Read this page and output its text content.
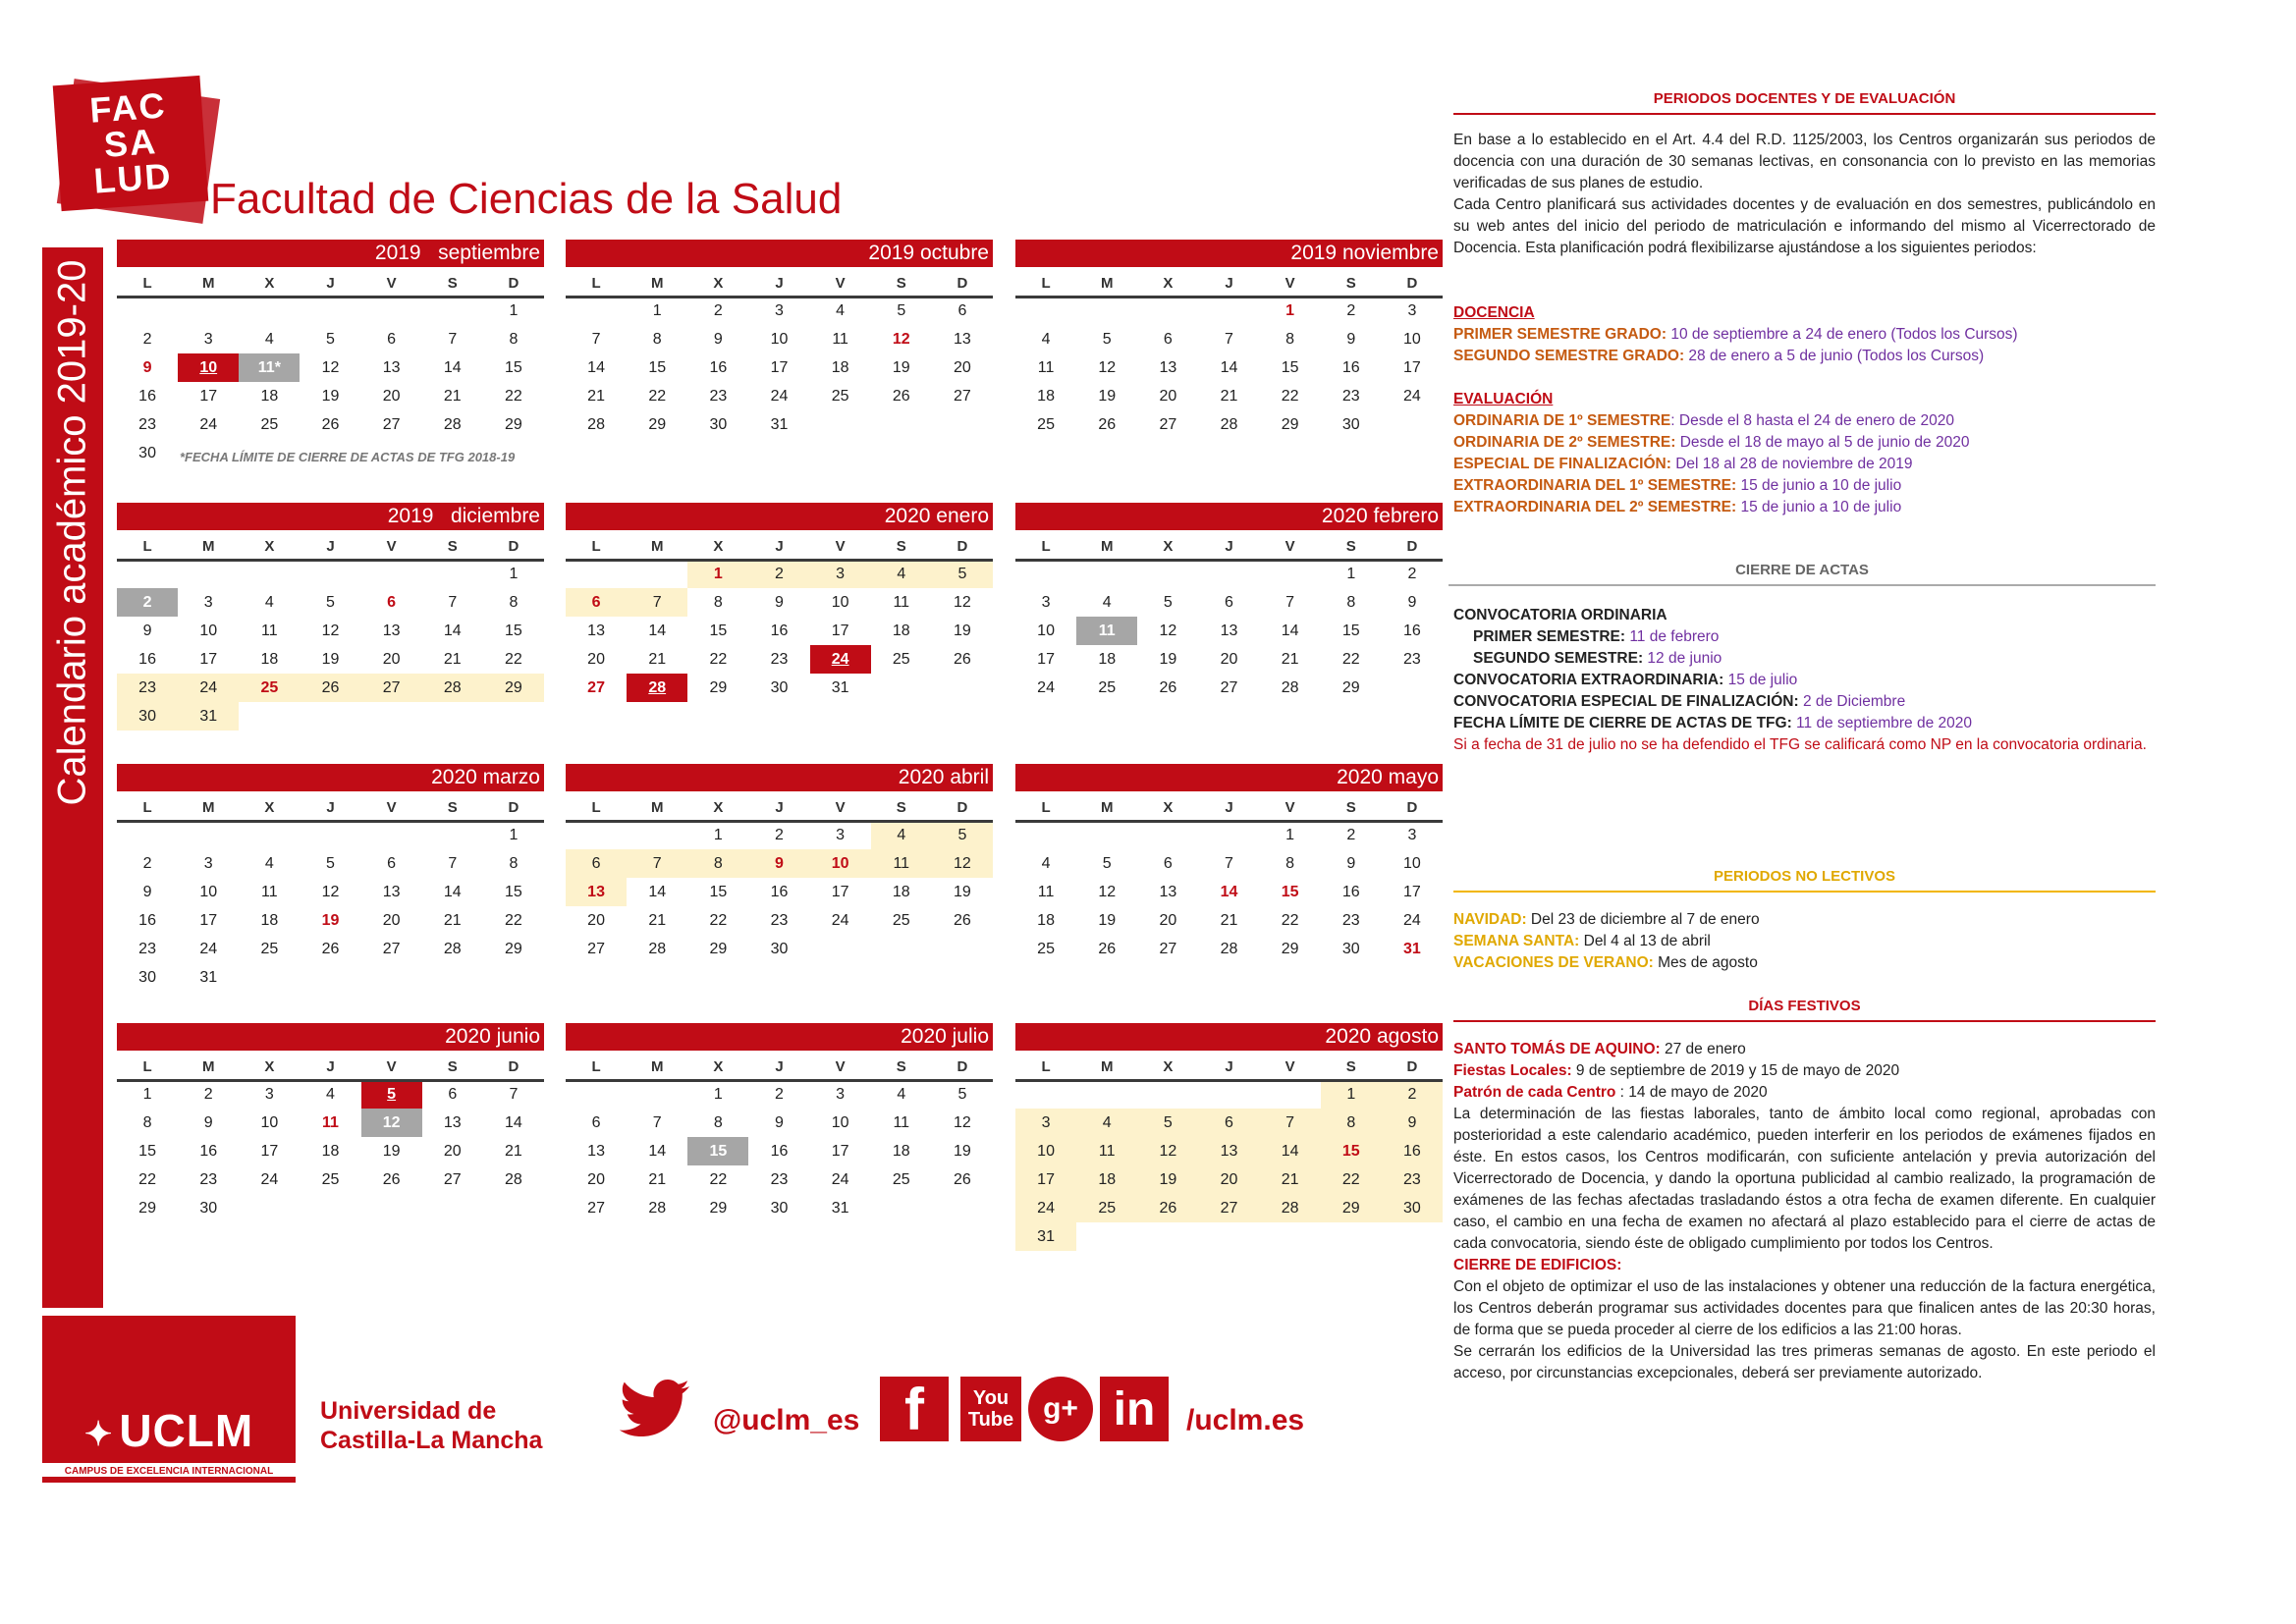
FAC
SA
LUD Facultad de Ciencias de la Salud
Calendario académico 2019-20
2019   septiembre
L	M	X	J	V	S	D
						1
2	3	4	5	6	7	8
9	10	11*	12	13	14	15
16	17	18	19	20	21	22
23	24	25	26	27	28	29
30						
2019 octubre
L	M	X	J	V	S	D
	1	2	3	4	5	6
7	8	9	10	11	12	13
14	15	16	17	18	19	20
21	22	23	24	25	26	27
28	29	30	31			
2019 noviembre
L	M	X	J	V	S	D
				1	2	3
4	5	6	7	8	9	10
11	12	13	14	15	16	17
18	19	20	21	22	23	24
25	26	27	28	29	30	
2019   diciembre
L	M	X	J	V	S	D
						1
2	3	4	5	6	7	8
9	10	11	12	13	14	15
16	17	18	19	20	21	22
23	24	25	26	27	28	29
30	31					
2020 enero
L	M	X	J	V	S	D
		1	2	3	4	5
6	7	8	9	10	11	12
13	14	15	16	17	18	19
20	21	22	23	24	25	26
27	28	29	30	31		
2020 febrero
L	M	X	J	V	S	D
					1	2
3	4	5	6	7	8	9
10	11	12	13	14	15	16
17	18	19	20	21	22	23
24	25	26	27	28	29	
2020 marzo
L	M	X	J	V	S	D
						1
2	3	4	5	6	7	8
9	10	11	12	13	14	15
16	17	18	19	20	21	22
23	24	25	26	27	28	29
30	31					
2020 abril
L	M	X	J	V	S	D
		1	2	3	4	5
6	7	8	9	10	11	12
13	14	15	16	17	18	19
20	21	22	23	24	25	26
27	28	29	30			
2020 mayo
L	M	X	J	V	S	D
				1	2	3
4	5	6	7	8	9	10
11	12	13	14	15	16	17
18	19	20	21	22	23	24
25	26	27	28	29	30	31
2020 junio
L	M	X	J	V	S	D
1	2	3	4	5	6	7
8	9	10	11	12	13	14
15	16	17	18	19	20	21
22	23	24	25	26	27	28
29	30					
2020 julio
L	M	X	J	V	S	D
		1	2	3	4	5
6	7	8	9	10	11	12
13	14	15	16	17	18	19
20	21	22	23	24	25	26
27	28	29	30	31		
2020 agosto
L	M	X	J	V	S	D
					1	2
3	4	5	6	7	8	9
10	11	12	13	14	15	16
17	18	19	20	21	22	23
24	25	26	27	28	29	30
31						
*FECHA LÍMITE DE CIERRE DE ACTAS DE TFG 2018-19
PERIODOS DOCENTES Y DE EVALUACIÓN
En base a lo establecido en el Art. 4.4 del R.D. 1125/2003, los Centros organizarán sus periodos de docencia con una duración de 30 semanas lectivas, en consonancia con lo previsto en las memorias verificadas de sus planes de estudio.
Cada Centro planificará sus actividades docentes y de evaluación en dos semestres, publicándolo en su web antes del inicio del periodo de matriculación e informando del mismo al Vicerrectorado de Docencia. Esta planificación podrá flexibilizarse ajustándose a los siguientes periodos:
DOCENCIA
PRIMER SEMESTRE GRADO: 10 de septiembre a 24 de enero (Todos los Cursos)
SEGUNDO SEMESTRE GRADO: 28 de enero a 5 de junio (Todos los Cursos)
EVALUACIÓN
ORDINARIA DE 1º SEMESTRE: Desde el 8 hasta el 24 de enero de 2020
ORDINARIA DE 2º SEMESTRE: Desde el 18 de mayo al 5 de junio de 2020
ESPECIAL DE FINALIZACIÓN: Del 18 al 28 de noviembre de 2019
EXTRAORDINARIA DEL 1º SEMESTRE: 15 de junio a 10 de julio
EXTRAORDINARIA DEL 2º SEMESTRE: 15 de junio a 10 de julio
CIERRE DE ACTAS
CONVOCATORIA ORDINARIA
PRIMER SEMESTRE: 11 de febrero
SEGUNDO SEMESTRE: 12 de junio
CONVOCATORIA EXTRAORDINARIA: 15 de julio
CONVOCATORIA ESPECIAL DE FINALIZACIÓN: 2 de Diciembre
FECHA LÍMITE DE CIERRE DE ACTAS DE TFG: 11 de septiembre de 2020
Si a fecha de 31 de julio no se ha defendido el TFG se calificará como NP en la convocatoria ordinaria.
PERIODOS NO LECTIVOS
NAVIDAD: Del 23 de diciembre al 7 de enero
SEMANA SANTA: Del 4 al 13 de abril
VACACIONES DE VERANO: Mes de agosto
DÍAS FESTIVOS
SANTO TOMÁS DE AQUINO: 27 de enero
Fiestas Locales: 9 de septiembre de 2019 y 15 de mayo de 2020
Patrón de cada Centro : 14 de mayo de 2020
La determinación de las fiestas laborales, tanto de ámbito local como regional, aprobadas con posterioridad a este calendario académico, pueden interferir en los periodos de exámenes fijados en éste. En estos casos, los Centros modificarán, con suficiente antelación y previa autorización del Vicerrectorado de Docencia, y dando la oportuna publicidad al cambio realizado, la programación de exámenes de las fechas afectadas trasladando éstos a otra fecha de examen diferente. En cualquier caso, el cambio en una fecha de examen no afectará al plazo establecido para el cierre de actas de cada convocatoria, siendo éste de obligado cumplimiento por todos los Centros.
CIERRE DE EDIFICIOS:
Con el objeto de optimizar el uso de las instalaciones y obtener una reducción de la factura energética, los Centros deberán programar sus actividades docentes para que finalicen antes de las 20:30 horas, de forma que se pueda proceder al cierre de los edificios a las 21:00 horas.
Se cerrarán los edificios de la Universidad las tres primeras semanas de agosto. En este periodo el acceso, por circunstancias excepcionales, deberá ser previamente autorizado.
✦ UCLM
CAMPUS DE EXCELENCIA INTERNACIONAL
Universidad de
Castilla-La Mancha
@uclm_es f You
Tube g+ in /uclm.es
